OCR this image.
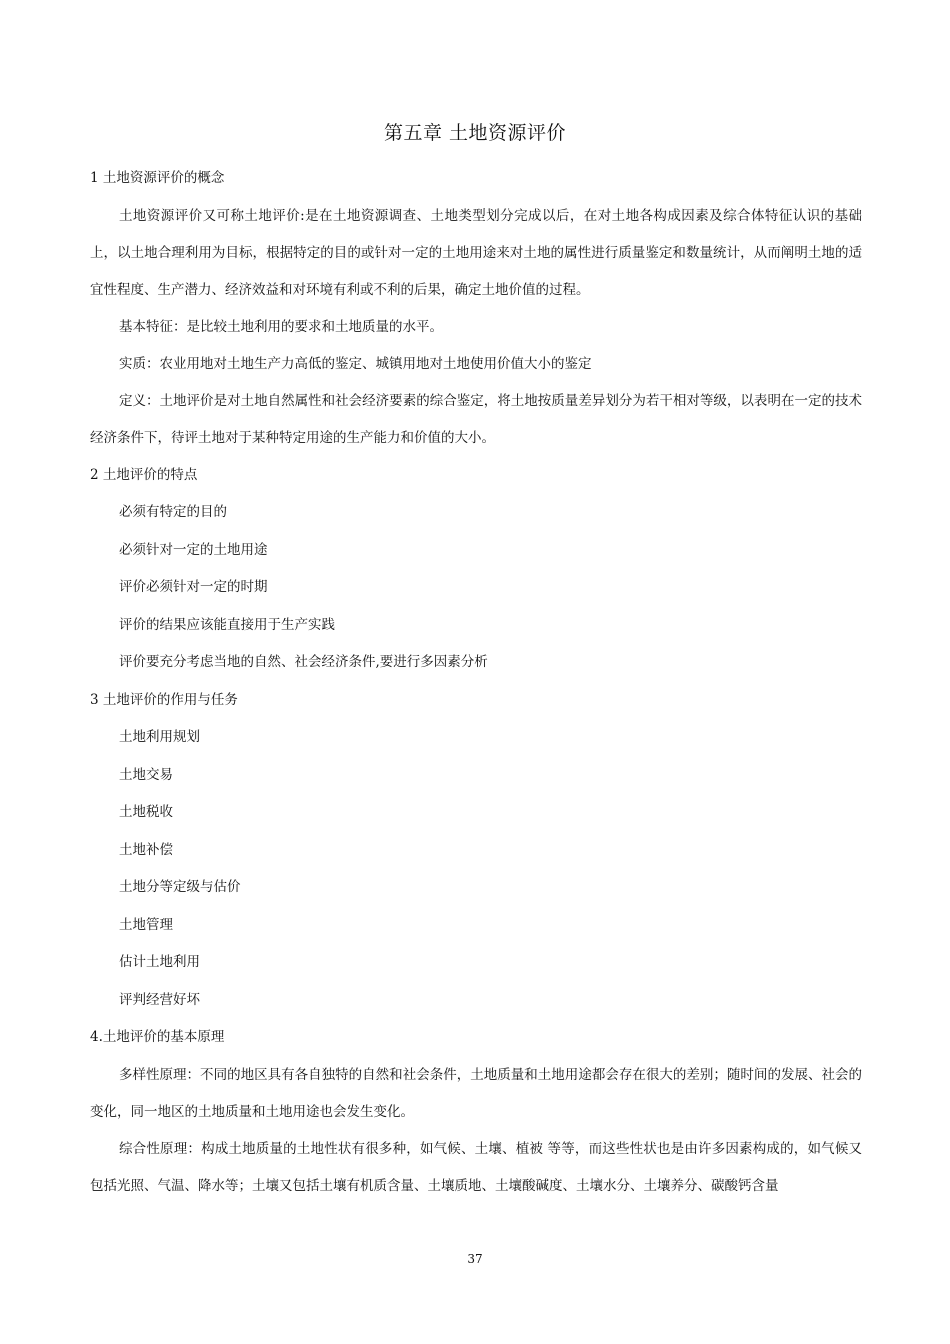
第五章 土地资源评价

1 土地资源评价的概念

土地资源评价又可称土地评价:是在土地资源调查、土地类型划分完成以后，在对土地各构成因素及综合体特征认识的基础上，以土地合理利用为目标，根据特定的目的或针对一定的土地用途来对土地的属性进行质量鉴定和数量统计，从而阐明土地的适宜性程度、生产潜力、经济效益和对环境有利或不利的后果，确定土地价值的过程。

基本特征：是比较土地利用的要求和土地质量的水平。

实质：农业用地对土地生产力高低的鉴定、城镇用地对土地使用价值大小的鉴定

定义：土地评价是对土地自然属性和社会经济要素的综合鉴定，将土地按质量差异划分为若干相对等级，以表明在一定的技术经济条件下，待评土地对于某种特定用途的生产能力和价值的大小。

2 土地评价的特点

必须有特定的目的

必须针对一定的土地用途

评价必须针对一定的时期

评价的结果应该能直接用于生产实践

评价要充分考虑当地的自然、社会经济条件,要进行多因素分析

3 土地评价的作用与任务

土地利用规划

土地交易

土地税收

土地补偿

土地分等定级与估价

土地管理

估计土地利用

评判经营好坏

4.土地评价的基本原理

多样性原理：不同的地区具有各自独特的自然和社会条件，土地质量和土地用途都会存在很大的差别；随时间的发展、社会的变化，同一地区的土地质量和土地用途也会发生变化。

综合性原理：构成土地质量的土地性状有很多种，如气候、土壤、植被 等等，而这些性状也是由许多因素构成的，如气候又包括光照、气温、降水等；土壤又包括土壤有机质含量、土壤质地、土壤酸碱度、土壤水分、土壤养分、碳酸钙含量

37
